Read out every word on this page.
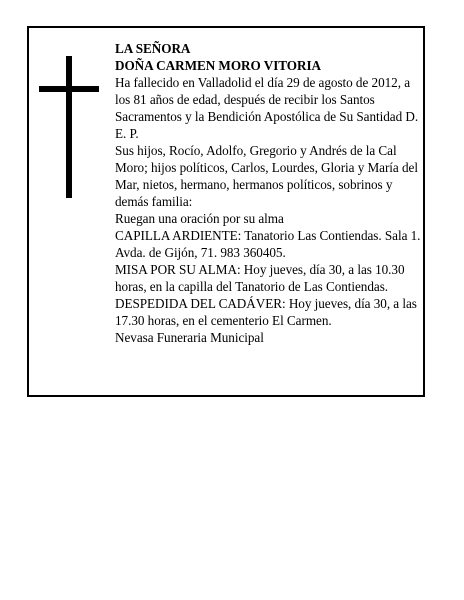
LA SEÑORA

DOÑA CARMEN MORO VITORIA

Ha fallecido en Valladolid el día 29 de agosto de 2012, a los 81 años de edad, después de recibir los Santos Sacramentos y la Bendición Apostólica de Su Santidad D. E. P.

Sus hijos, Rocío, Adolfo, Gregorio y Andrés de la Cal Moro; hijos políticos, Carlos, Lourdes, Gloria y María del Mar, nietos, hermano, hermanos políticos, sobrinos y demás familia:

Ruegan una oración por su alma

CAPILLA ARDIENTE: Tanatorio Las Contiendas. Sala 1. Avda. de Gijón, 71. 983 360405.

MISA POR SU ALMA: Hoy jueves, día 30, a las 10.30 horas, en la capilla del Tanatorio de Las Contiendas.

DESPEDIDA DEL CADÁVER: Hoy jueves, día 30, a las 17.30 horas, en el cementerio El Carmen.

Nevasa Funeraria Municipal
